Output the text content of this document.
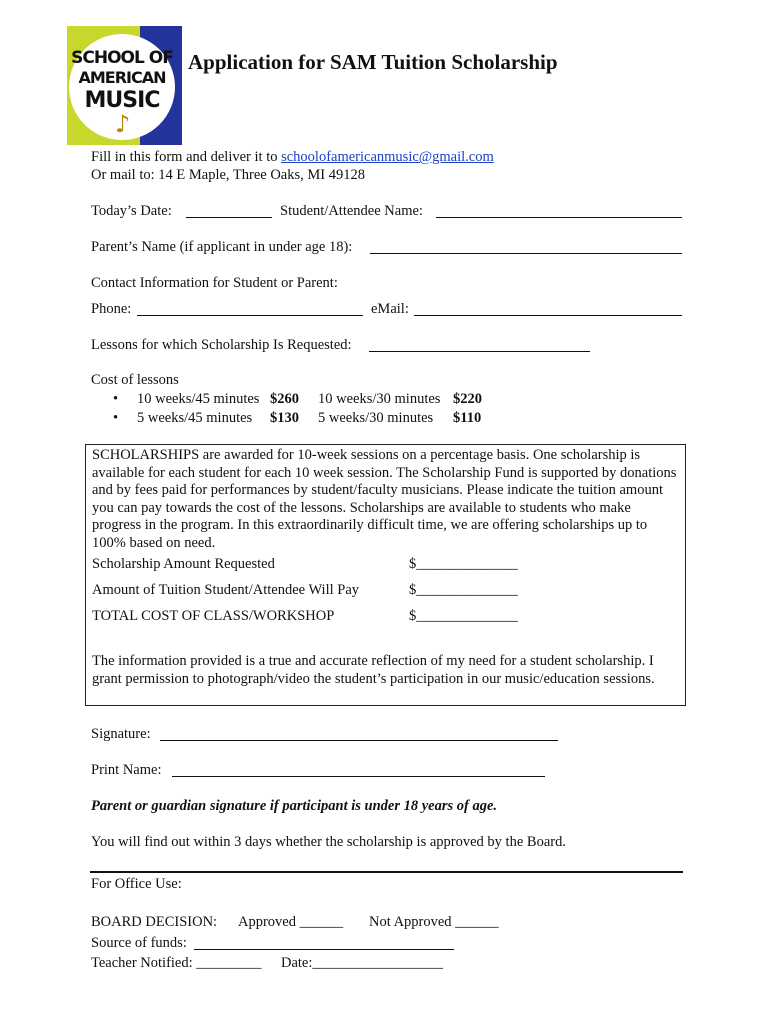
SCHOOL OF
AMERICAN
MUSIC
♪
Application for SAM Tuition Scholarship
Fill in this form and deliver it to schoolofamericanmusic@gmail.com
Or mail to: 14 E Maple, Three Oaks, MI 49128
Today’s Date:	Student/Attendee Name:
Parent’s Name (if applicant in under age 18):
Contact Information for Student or Parent:
Phone:	eMail:
Lessons for which Scholarship Is Requested:
Cost of lessons
• 10 weeks/45 minutes $260 10 weeks/30 minutes $220
• 5 weeks/45 minutes $130 5 weeks/30 minutes $110
SCHOLARSHIPS are awarded for 10-week sessions on a percentage basis. One scholarship is available for each student for each 10 week session. The Scholarship Fund is supported by donations and by fees paid for performances by student/faculty musicians. Please indicate the tuition amount you can pay towards the cost of the lessons. Scholarships are available to students who make progress in the program. In this extraordinarily difficult time, we are offering scholarships up to 100% based on need.
Scholarship Amount Requested	$______________
Amount of Tuition Student/Attendee Will Pay	$______________
TOTAL COST OF CLASS/WORKSHOP	$______________
The information provided is a true and accurate reflection of my need for a student scholarship. I
grant permission to photograph/video the student’s participation in our music/education sessions.
Signature:
Print Name:
Parent or guardian signature if participant is under 18 years of age.
You will find out within 3 days whether the scholarship is approved by the Board.
For Office Use:
BOARD DECISION: Approved ______ Not Approved ______
Source of funds:
Teacher Notified: _________ Date:__________________
